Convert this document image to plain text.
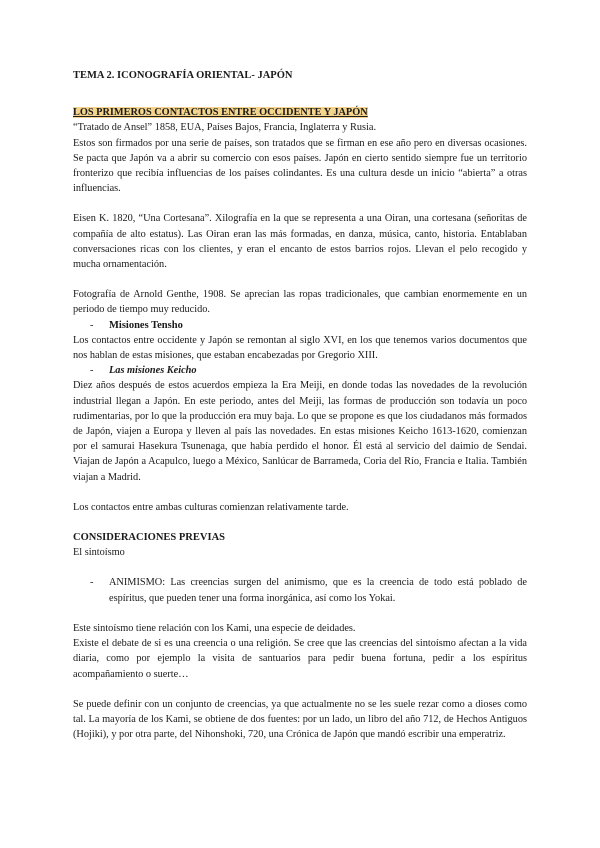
TEMA 2. ICONOGRAFÍA ORIENTAL- JAPÓN

LOS PRIMEROS CONTACTOS ENTRE OCCIDENTE Y JAPÓN

“Tratado de Ansel” 1858, EUA, Países Bajos, Francia, Inglaterra y Rusia.

Estos son firmados por una serie de países, son tratados que se firman en ese año pero en diversas ocasiones. Se pacta que Japón va a abrir su comercio con esos países. Japón en cierto sentido siempre fue un territorio fronterizo que recibía influencias de los países colindantes. Es una cultura desde un inicio “abierta” a otras influencias.

Eisen K. 1820, “Una Cortesana”. Xilografía en la que se representa a una Oiran, una cortesana (señoritas de compañía de alto estatus). Las Oiran eran las más formadas, en danza, música, canto, historia. Entablaban conversaciones ricas con los clientes, y eran el encanto de estos barrios rojos. Llevan el pelo recogido y mucha ornamentación.

Fotografía de Arnold Genthe, 1908. Se aprecian las ropas tradicionales, que cambian enormemente en un periodo de tiempo muy reducido.

-	Misiones Tensho

Los contactos entre occidente y Japón se remontan al siglo XVI, en los que tenemos varios documentos que nos hablan de estas misiones, que estaban encabezadas por Gregorio XIII.

-	Las misiones Keicho

Diez años después de estos acuerdos empieza la Era Meiji, en donde todas las novedades de la revolución industrial llegan a Japón. En este periodo, antes del Meiji, las formas de producción son todavía un poco rudimentarias, por lo que la producción era muy baja. Lo que se propone es que los ciudadanos más formados de Japón, viajen a Europa y lleven al país las novedades. En estas misiones Keicho 1613-1620, comienzan por el samurai Hasekura Tsunenaga, que había perdido el honor. Él está al servicio del daimio de Sendai. Viajan de Japón a Acapulco, luego a México, Sanlúcar de Barrameda, Coria del Río, Francia e Italia. También viajan a Madrid.

Los contactos entre ambas culturas comienzan relativamente tarde.

CONSIDERACIONES PREVIAS

El sintoísmo

-	ANIMISMO: Las creencias surgen del animismo, que es la creencia de todo está poblado de espíritus, que pueden tener una forma inorgánica, así como los Yokai.

Este sintoísmo tiene relación con los Kami, una especie de deidades.

Existe el debate de si es una creencia o una religión. Se cree que las creencias del sintoísmo afectan a la vida diaria, como por ejemplo la visita de santuarios para pedir buena fortuna, pedir a los espíritus acompañamiento o suerte…

Se puede definir con un conjunto de creencias, ya que actualmente no se les suele rezar como a dioses como tal. La mayoría de los Kami, se obtiene de dos fuentes: por un lado, un libro del año 712, de Hechos Antiguos (Hojiki), y por otra parte, del Nihonshoki, 720, una Crónica de Japón que mandó escribir una emperatriz.
